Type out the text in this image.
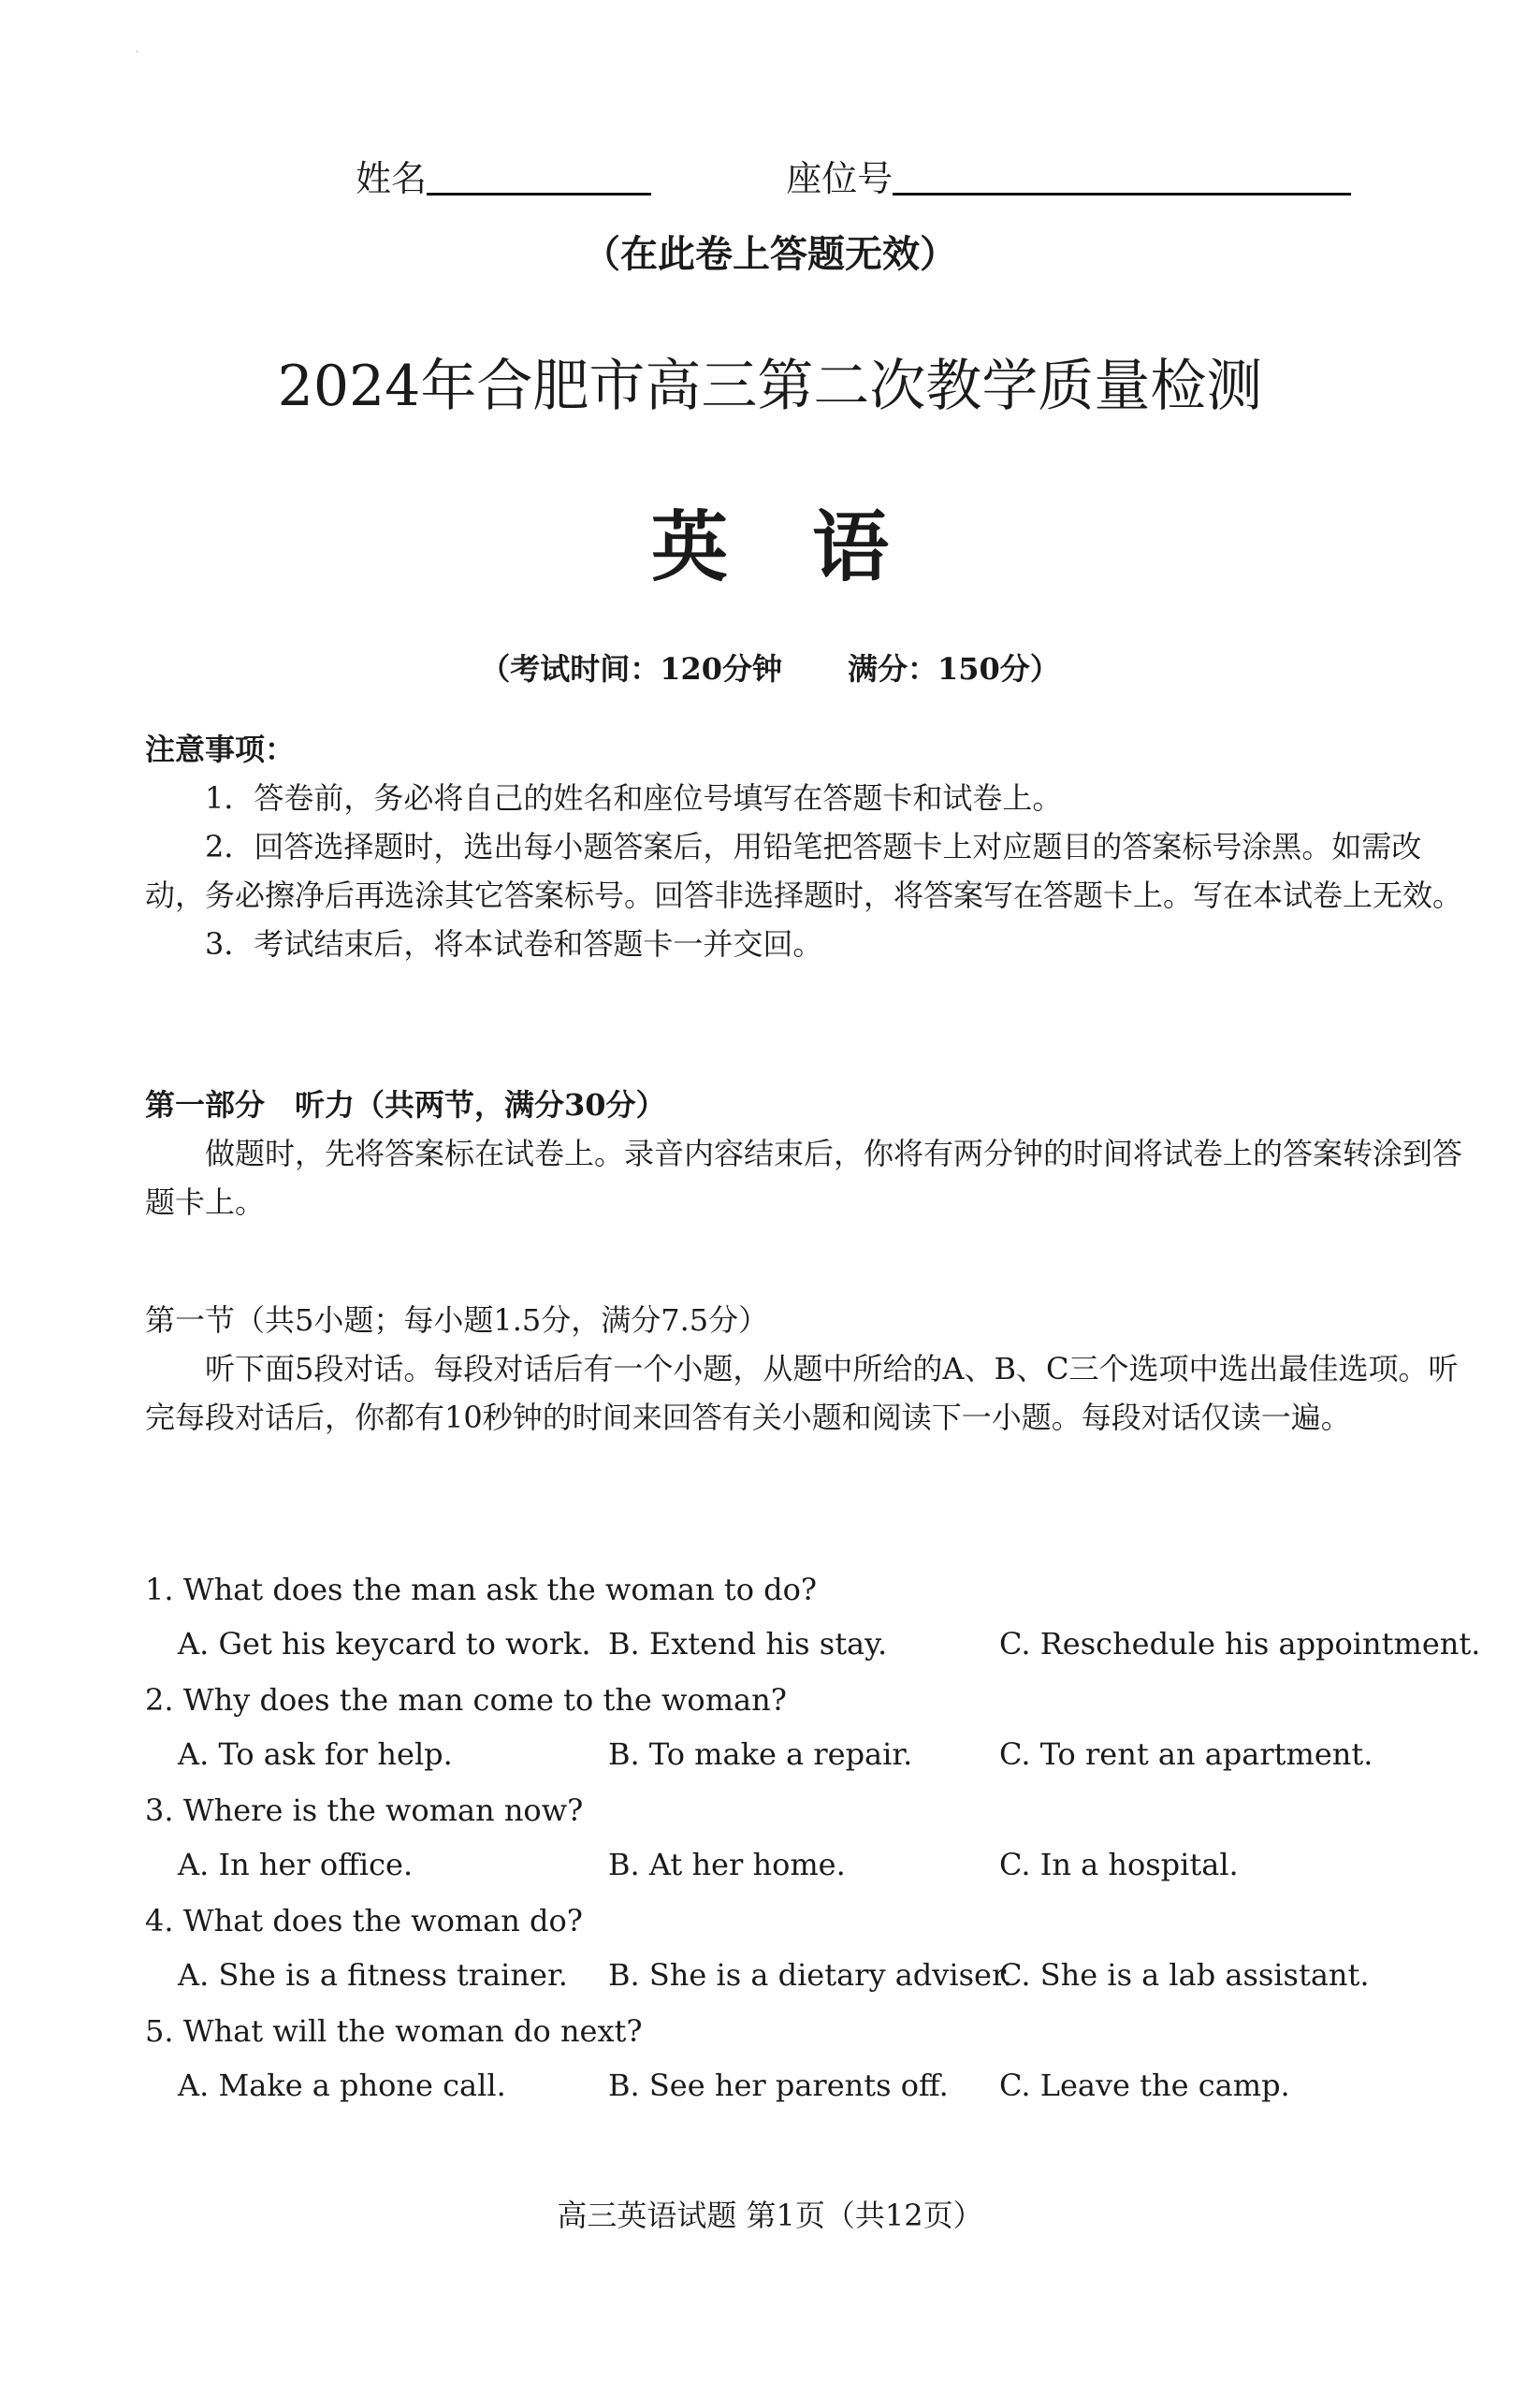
.
姓名	座位号
（在此卷上答题无效）
2024年合肥市高三第二次教学质量检测
英语
（考试时间：120分钟 满分：150分）
注意事项：
1．答卷前，务必将自己的姓名和座位号填写在答题卡和试卷上。
2．回答选择题时，选出每小题答案后，用铅笔把答题卡上对应题目的答案标号涂黑。如需改动，务必擦净后再选涂其它答案标号。回答非选择题时，将答案写在答题卡上。写在本试卷上无效。
3．考试结束后，将本试卷和答题卡一并交回。
第一部分　听力（共两节，满分30分）
做题时，先将答案标在试卷上。录音内容结束后，你将有两分钟的时间将试卷上的答案转涂到答题卡上。
第一节（共5小题；每小题1.5分，满分7.5分）
听下面5段对话。每段对话后有一个小题，从题中所给的A、B、C三个选项中选出最佳选项。听完每段对话后，你都有10秒钟的时间来回答有关小题和阅读下一小题。每段对话仅读一遍。
1. What does the man ask the woman to do?
A. Get his keycard to work. B. Extend his stay.	C. Reschedule his appointment.
2. Why does the man come to the woman?
A. To ask for help.	B. To make a repair.	C. To rent an apartment.
3. Where is the woman now?
A. In her office.	B. At her home.	C. In a hospital.
4. What does the woman do?
A. She is a fitness trainer. B. She is a dietary adviser.
C. She is a lab assistant.
5. What will the woman do next?
A. Make a phone call.	B. See her parents off. C. Leave the camp.
高三英语试题 第1页（共12页）
